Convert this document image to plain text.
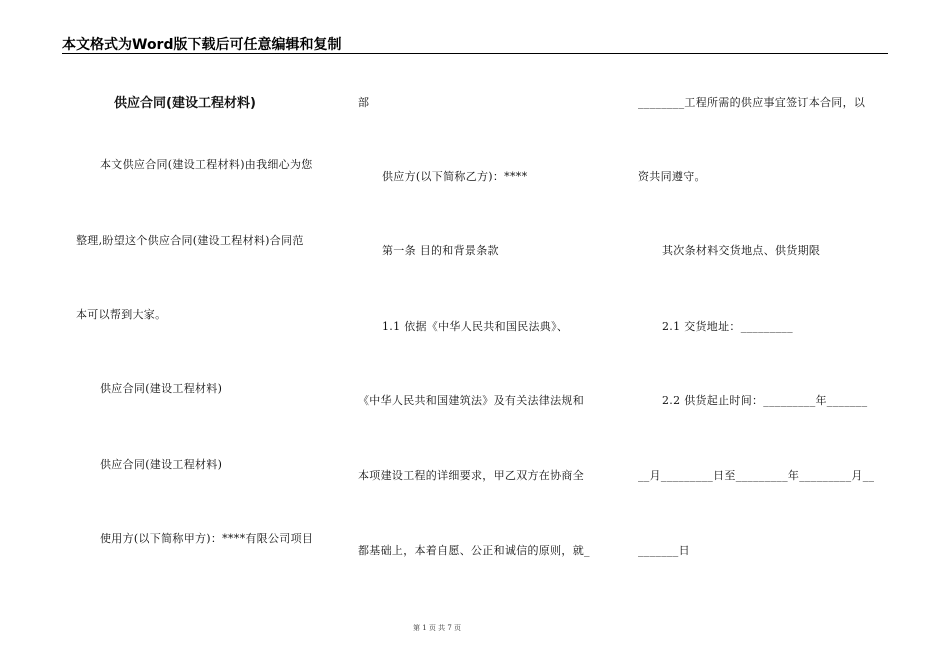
本文格式为Word版下载后可任意编辑和复制
供应合同(建设工程材料)
本文供应合同(建设工程材料)由我细心为您
整理,盼望这个供应合同(建设工程材料)合同范
本可以帮到大家。
供应合同(建设工程材料)
供应合同(建设工程材料)
使用方(以下简称甲方)：****有限公司项目
部
供应方(以下简称乙方)：****
第一条 目的和背景条款
1.1 依据《中华人民共和国民法典》、
《中华人民共和国建筑法》及有关法律法规和
本项建设工程的详细要求，甲乙双方在协商全
都基础上，本着自愿、公正和诚信的原则，就_
________工程所需的供应事宜签订本合同，以
资共同遵守。
其次条材料交货地点、供货期限
2.1 交货地址：_________
2.2 供货起止时间：_________年_______
__月_________日至_________年_________月__
_______日
第 1 页 共 7 页
